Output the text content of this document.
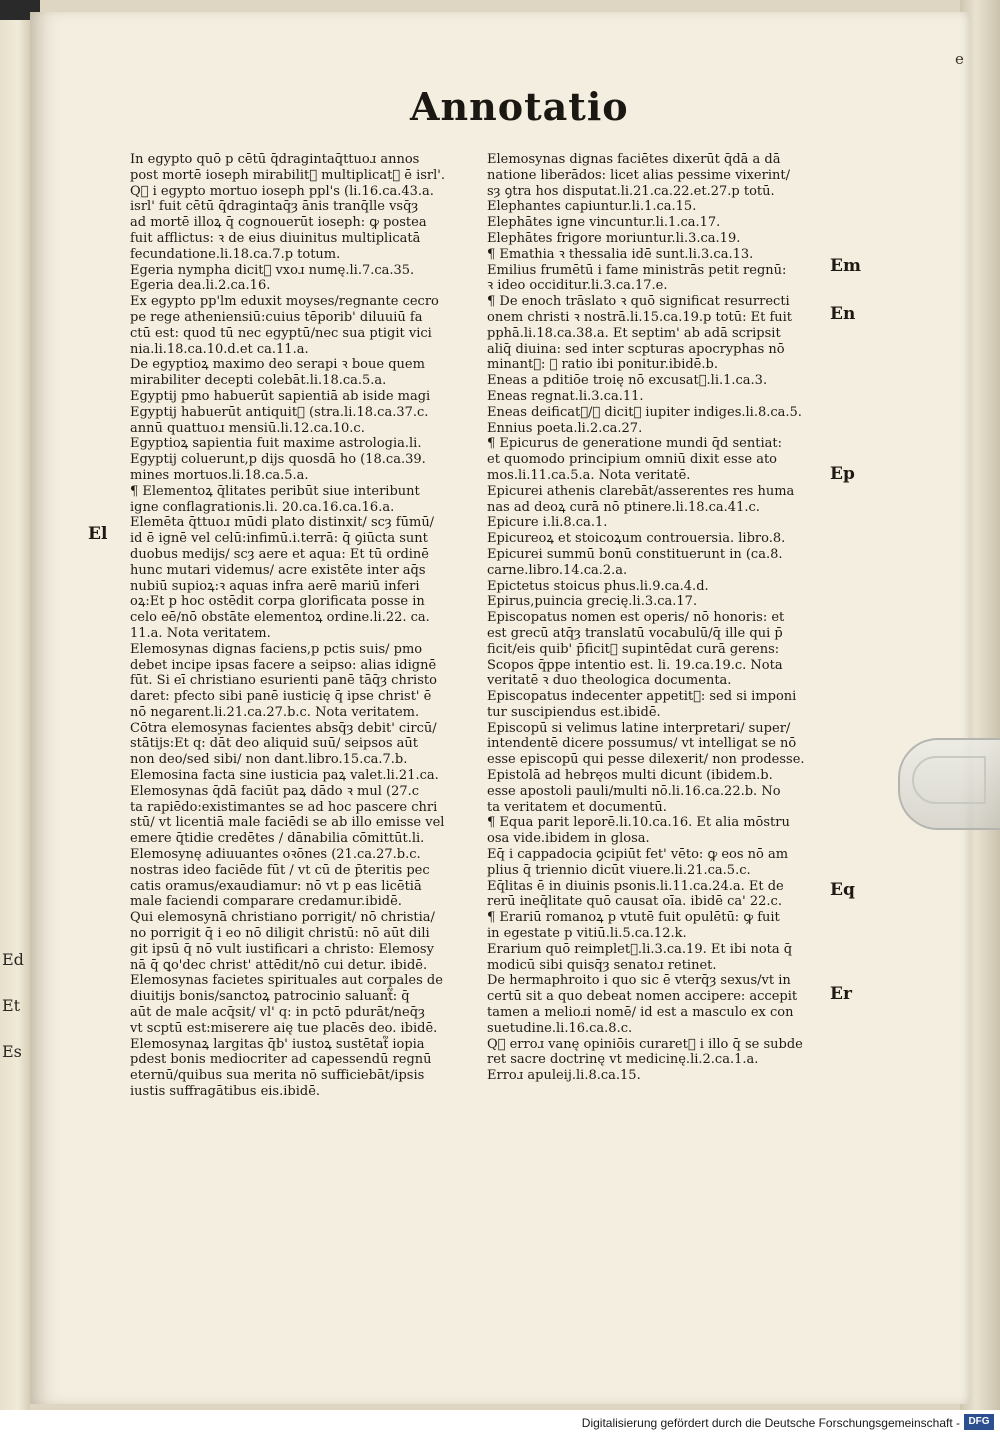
Ed
Et
Es
e
Annotatio
El
Em
En
Ep
Eq
Er

In egypto quō p cētū q̄dragintaq̄ttuoɹ annos
post mortē ioseph mirabilit᷑ multiplicat᷑ ē isrl'.

Qᷓ i egypto mortuo ioseph ppl's (li.16.ca.43.a.
isrl' fuit cētū q̄dragintaq̄ȝ ānis tranq̄lle vsq̄ȝ
ad mortē illoꝝ q̄ cognouerūt ioseph: ꝙ postea
fuit afflictus: ꝛ de eius diuinitus multiplicatā
fecundatione.li.18.ca.7.p totum.

Egeria nympha dicit᷑ vxoɹ numę.li.7.ca.35.

Egeria dea.li.2.ca.16.

Ex egypto pp'lm eduxit moyses/regnante cecro
pe rege atheniensiū:cuius tēporib' diluuiū fa
ctū est: quod tū nec egyptū/nec sua ptigit vici
nia.li.18.ca.10.d.et ca.11.a.

De egyptioꝝ maximo deo serapi ꝛ boue quem
mirabiliter decepti colebāt.li.18.ca.5.a.

Egyptij pmo habuerūt sapientiā ab iside magi

Egyptij habuerūt antiquit᷑ (stra.li.18.ca.37.c.
annū quattuoɹ mensiū.li.12.ca.10.c.

Egyptioꝝ sapientia fuit maxime astrologia.li.

Egyptij coluerunt,p dijs quosdā ho (18.ca.39.
mines mortuos.li.18.ca.5.a.

¶ Elementoꝝ q̄litates peribūt siue interibunt
igne conflagrationis.li. 20.ca.16.ca.16.a.

Elemēta q̄ttuoɹ mūdi plato distinxit/ scȝ fūmū/
id ē ignē vel celū:infimū.i.terrā: q̄ ꝯiūcta sunt
duobus medijs/ scȝ aere et aqua: Et tū ordinē
hunc mutari videmus/ acre existēte inter aq̄s
nubiū supioꝝ:ꝛ aquas infra aerē mariū inferi
oꝝ:Et p hoc ostēdit corpa glorificata posse in
celo eē/nō obstāte elementoꝝ ordine.li.22. ca.
11.a. Nota veritatem.

Elemosynas dignas faciens,p pctis suis/ pmo
debet incipe ipsas facere a seipso: alias idignē
fūt. Si eī christiano esurienti panē tāq̄ȝ christo
daret: pfecto sibi panē iusticię q̄ ipse christ' ē
nō negarent.li.21.ca.27.b.c. Nota veritatem.

Cōtra elemosynas facientes absq̄ȝ debit' circū/
stātijs:Et q: dāt deo aliquid suū/ seipsos aūt
non deo/sed sibi/ non dant.libro.15.ca.7.b.

Elemosina facta sine iusticia paꝝ valet.li.21.ca.

Elemosynas q̄dā faciūt paꝝ dādo ꝛ mul (27.c
ta rapiēdo:existimantes se ad hoc pascere chri
stū/ vt licentiā male faciēdi se ab illo emisse vel
emere q̄tidie credētes / dānabilia cōmittūt.li.

Elemosynę adiuuantes oꝛōnes (21.ca.27.b.c.
nostras ideo faciēde fūt / vt cū de p̄teritis pec
catis oramus/exaudiamur: nō vt p eas licētiā
male faciendi comparare credamur.ibidē.

Qui elemosynā christiano porrigit/ nō christia/
no porrigit q̄ i eo nō diligit christū: nō aūt dili
git ipsū q̄ nō vult iustificari a christo: Elemosy
nā q̄ ꝗo'dec christ' attēdit/nō cui detur. ibidē.

Elemosynas facietes spirituales aut corpales de
diuitijs bonis/sanctoꝝ patrocinio saluant᷑: q̄
aūt de male acq̄sit/ vl' q: in pctō pdurāt/neq̄ȝ
vt scptū est:miserere aię tue placēs deo. ibidē.

Elemosynaꝝ largitas q̄b' iustoꝝ sustētat᷑ iopia
pdest bonis mediocriter ad capessendū regnū
eternū/quibus sua merita nō sufficiebāt/ipsis
iustis suffragātibus eis.ibidē.

Elemosynas dignas faciētes dixerūt q̄dā a dā
natione liberādos: licet alias pessime vixerint/
sȝ ꝯtra hos disputat.li.21.ca.22.et.27.p totū.

Elephantes capiuntur.li.1.ca.15.

Elephātes igne vincuntur.li.1.ca.17.

Elephātes frigore moriuntur.li.3.ca.19.

¶ Emathia ꝛ thessalia idē sunt.li.3.ca.13.

Emilius frumētū i fame ministrās petit regnū:
ꝛ ideo occiditur.li.3.ca.17.e.

¶ De enoch trāslato ꝛ quō significat resurrecti
onem christi ꝛ nostrā.li.15.ca.19.p totū: Et fuit
pphā.li.18.ca.38.a. Et septim' ab adā scripsit
aliq̄ diuina: sed inter scpturas apocryphas nō
minant᷑: ꝛ ratio ibi ponitur.ibidē.b.

Eneas a pditiōe troię nō excusat᷑.li.1.ca.3.

Eneas regnat.li.3.ca.11.

Eneas deificat᷑/ꝛ dicit᷑ iupiter indiges.li.8.ca.5.

Ennius poeta.li.2.ca.27.

¶ Epicurus de generatione mundi q̄d sentiat:
et quomodo principium omniū dixit esse ato
mos.li.11.ca.5.a. Nota veritatē.

Epicurei athenis clarebāt/asserentes res huma
nas ad deoꝝ curā nō ptinere.li.18.ca.41.c.

Epicure i.li.8.ca.1.

Epicureoꝝ et stoicoꝝum controuersia. libro.8.

Epicurei summū bonū constituerunt in (ca.8.
carne.libro.14.ca.2.a.

Epictetus stoicus phus.li.9.ca.4.d.

Epirus,puincia grecię.li.3.ca.17.

Episcopatus nomen est operis/ nō honoris: et
est grecū atq̄ȝ translatū vocabulū/q̄ ille qui p̄
ficit/eis quib' p̄ficit᷑ supintēdat curā gerens:
Scopos q̄ppe intentio est. li. 19.ca.19.c. Nota
veritatē ꝛ duo theologica documenta.

Episcopatus indecenter appetit᷑: sed si imponi
tur suscipiendus est.ibidē.

Episcopū si velimus latine interpretari/ super/
intendentē dicere possumus/ vt intelligat se nō
esse episcopū qui pesse dilexerit/ non prodesse.

Epistolā ad hebręos multi dicunt (ibidem.b.
esse apostoli pauli/multi nō.li.16.ca.22.b. No
ta veritatem et documentū.

¶ Equa parit leporē.li.10.ca.16. Et alia mōstru
osa vide.ibidem in glosa.

Eq̄ i cappadocia ꝯcipiūt fet' vēto: ꝙ eos nō am
plius q̄ triennio dicūt viuere.li.21.ca.5.c.

Eq̄litas ē in diuinis psonis.li.11.ca.24.a. Et de
rerū ineq̄litate quō causat oīa. ibidē ca' 22.c.

¶ Erariū romanoꝝ p vtutē fuit opulētū: ꝙ fuit
in egestate p vitiū.li.5.ca.12.k.

Erarium quō reimplet᷑.li.3.ca.19. Et ibi nota q̄
modicū sibi quisq̄ȝ senatoɹ retinet.

De hermaphroito i quo sic ē vterq̄ȝ sexus/vt in
certū sit a quo debeat nomen accipere: accepit
tamen a melioɹi nomē/ id est a masculo ex con
suetudine.li.16.ca.8.c.

Qᷓ erroɹ vanę opiniōis curaret᷑ i illo q̄ se subde
ret sacre doctrinę vt medicinę.li.2.ca.1.a.

Erroɹ apuleij.li.8.ca.15.

Digitalisierung gefördert durch die Deutsche Forschungsgemeinschaft - DFG
